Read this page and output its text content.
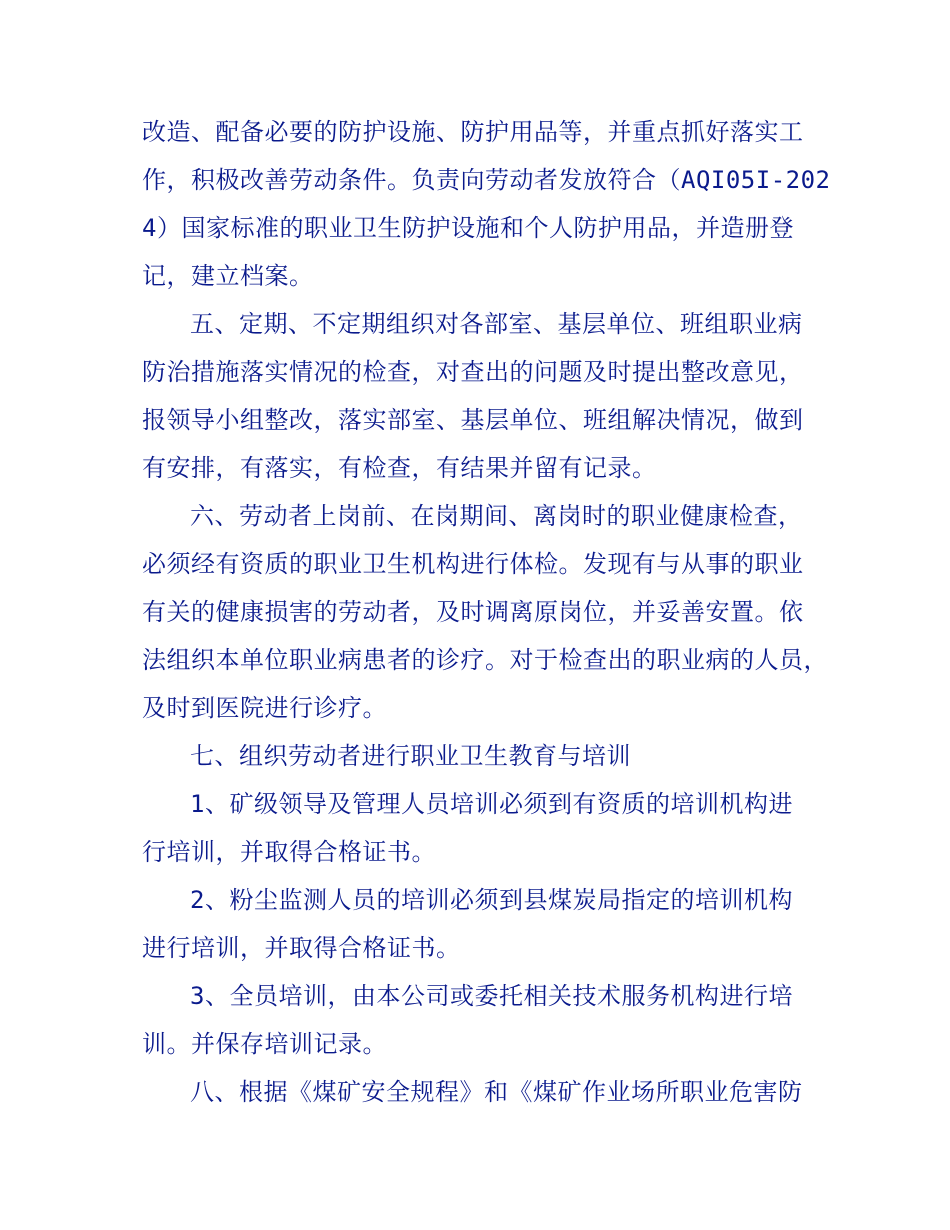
改造、配备必要的防护设施、防护用品等，并重点抓好落实工
作，积极改善劳动条件。负责向劳动者发放符合（AQI05I-202
4）国家标准的职业卫生防护设施和个人防护用品，并造册登
记，建立档案。
五、定期、不定期组织对各部室、基层单位、班组职业病
防治措施落实情况的检查，对查出的问题及时提出整改意见，
报领导小组整改，落实部室、基层单位、班组解决情况，做到
有安排，有落实，有检查，有结果并留有记录。
六、劳动者上岗前、在岗期间、离岗时的职业健康检查，
必须经有资质的职业卫生机构进行体检。发现有与从事的职业
有关的健康损害的劳动者，及时调离原岗位，并妥善安置。依
法组织本单位职业病患者的诊疗。对于检查出的职业病的人员，
及时到医院进行诊疗。
七、组织劳动者进行职业卫生教育与培训
1、矿级领导及管理人员培训必须到有资质的培训机构进
行培训，并取得合格证书。
2、粉尘监测人员的培训必须到县煤炭局指定的培训机构
进行培训，并取得合格证书。
3、全员培训，由本公司或委托相关技术服务机构进行培
训。并保存培训记录。
八、根据《煤矿安全规程》和《煤矿作业场所职业危害防
